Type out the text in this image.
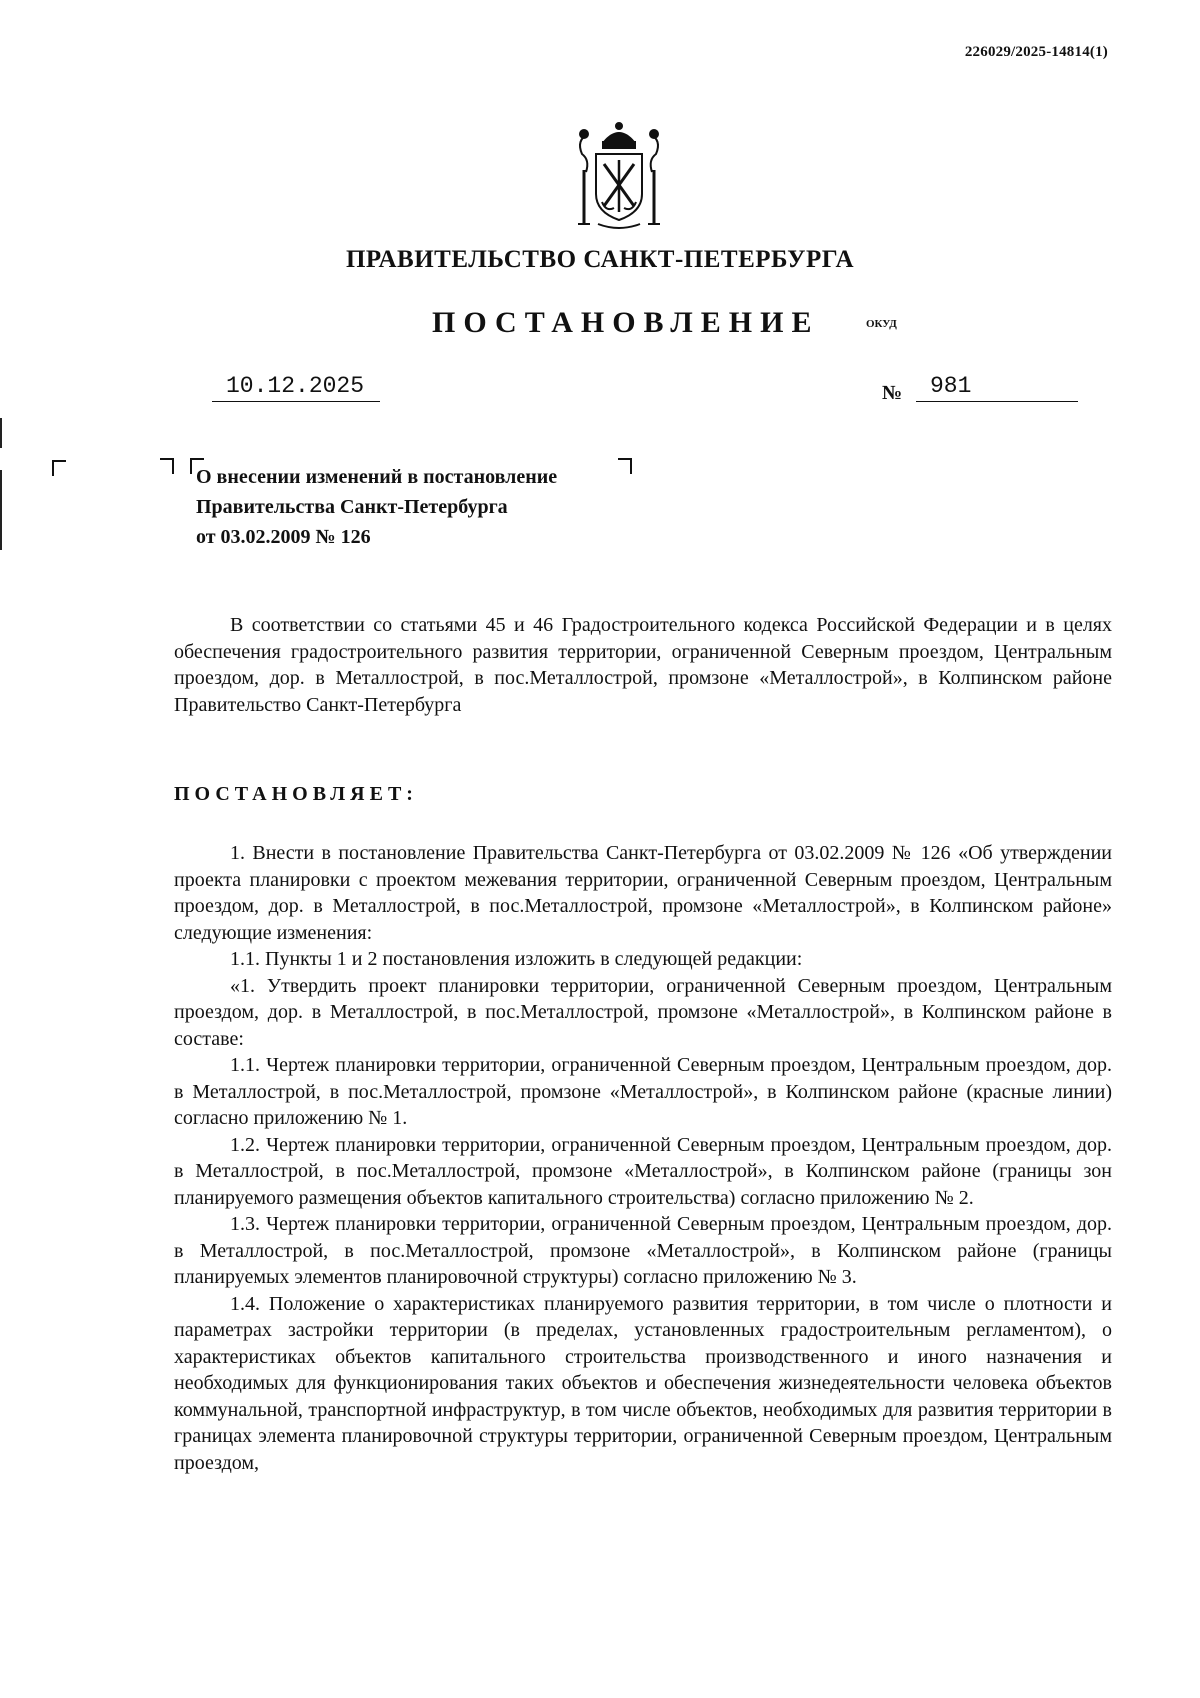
226029/2025-14814(1)
ПРАВИТЕЛЬСТВО САНКТ-ПЕТЕРБУРГА
ПОСТАНОВЛЕНИЕ	ОКУД
10.12.2025	№	981
О внесении изменений в постановление
Правительства Санкт-Петербурга
от 03.02.2009 № 126
В соответствии со статьями 45 и 46 Градостроительного кодекса Российской Федерации и в целях обеспечения градостроительного развития территории, ограниченной Северным проездом, Центральным проездом, дор. в Металлострой, в пос.Металлострой, промзоне «Металлострой», в Колпинском районе Правительство Санкт-Петербурга
ПОСТАНОВЛЯЕТ:
1. Внести в постановление Правительства Санкт-Петербурга от 03.02.2009 № 126 «Об утверждении проекта планировки с проектом межевания территории, ограниченной Северным проездом, Центральным проездом, дор. в Металлострой, в пос.Металлострой, промзоне «Металлострой», в Колпинском районе» следующие изменения:
1.1. Пункты 1 и 2 постановления изложить в следующей редакции:
«1. Утвердить проект планировки территории, ограниченной Северным проездом, Центральным проездом, дор. в Металлострой, в пос.Металлострой, промзоне «Металлострой», в Колпинском районе в составе:
1.1. Чертеж планировки территории, ограниченной Северным проездом, Центральным проездом, дор. в Металлострой, в пос.Металлострой, промзоне «Металлострой», в Колпинском районе (красные линии) согласно приложению № 1.
1.2. Чертеж планировки территории, ограниченной Северным проездом, Центральным проездом, дор. в Металлострой, в пос.Металлострой, промзоне «Металлострой», в Колпинском районе (границы зон планируемого размещения объектов капитального строительства) согласно приложению № 2.
1.3. Чертеж планировки территории, ограниченной Северным проездом, Центральным проездом, дор. в Металлострой, в пос.Металлострой, промзоне «Металлострой», в Колпинском районе (границы планируемых элементов планировочной структуры) согласно приложению № 3.
1.4. Положение о характеристиках планируемого развития территории, в том числе о плотности и параметрах застройки территории (в пределах, установленных градостроительным регламентом), о характеристиках объектов капитального строительства производственного и иного назначения и необходимых для функционирования таких объектов и обеспечения жизнедеятельности человека объектов коммунальной, транспортной инфраструктур, в том числе объектов, необходимых для развития территории в границах элемента планировочной структуры территории, ограниченной Северным проездом, Центральным проездом,
